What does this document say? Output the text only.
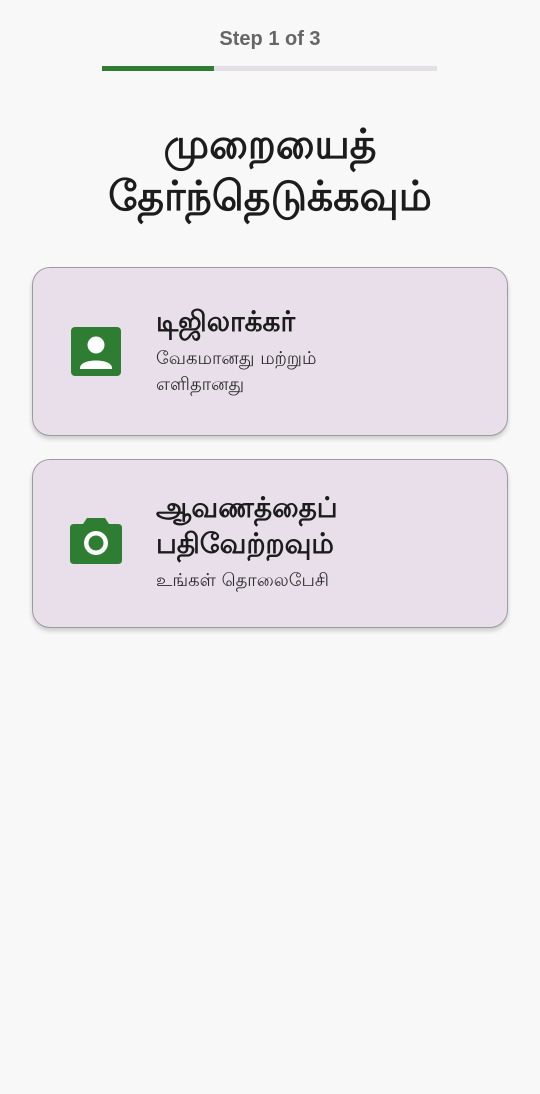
Step 1 of 3
முறையைத் தேர்ந்தெடுக்கவும்
டிஜிலாக்கர்
வேகமானது மற்றும் எளிதானது
ஆவணத்தைப் பதிவேற்றவும்
உங்கள் தொலைபேசி
